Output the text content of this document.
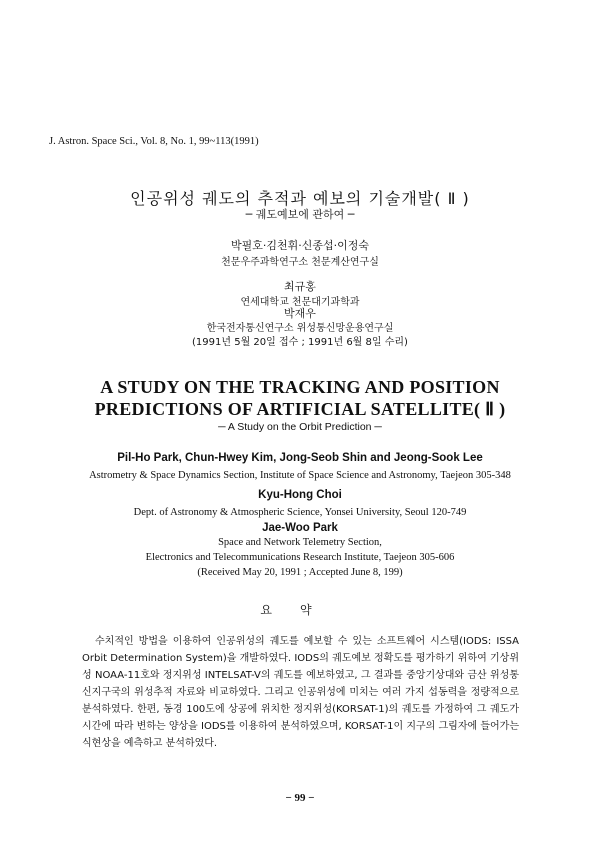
J. Astron. Space Sci., Vol. 8, No. 1, 99~113(1991)
인공위성 궤도의 추적과 예보의 기술개발( Ⅱ )
─ 궤도예보에 관하여 ─
박필호·김천휘·신종섭·이정숙
천문우주과학연구소 천문계산연구실
최규홍
연세대학교 천문대기과학과
박재우
한국전자통신연구소 위성통신망운용연구실
(1991년 5월 20일 접수 ; 1991년 6월 8일 수리)
A STUDY ON THE TRACKING AND POSITION
PREDICTIONS OF ARTIFICIAL SATELLITE( Ⅱ )
─ A Study on the Orbit Prediction ─
Pil-Ho Park, Chun-Hwey Kim, Jong-Seob Shin and Jeong-Sook Lee
Astrometry & Space Dynamics Section, Institute of Space Science and Astronomy, Taejeon 305-348
Kyu-Hong Choi
Dept. of Astronomy & Atmospheric Science, Yonsei University, Seoul 120-749
Jae-Woo Park
Space and Network Telemetry Section,
Electronics and Telecommunications Research Institute, Taejeon 305-606
(Received May 20, 1991 ; Accepted June 8, 199)
요약
수치적인 방법을 이용하여 인공위성의 궤도를 예보할 수 있는 소프트웨어 시스템(IODS: ISSA Orbit Determination System)을 개발하였다. IODS의 궤도예보 정확도를 평가하기 위하여 기상위성 NOAA-11호와 정지위성 INTELSAT-V의 궤도를 예보하였고, 그 결과를 중앙기상대와 금산 위성통신지구국의 위성추적 자료와 비교하였다. 그리고 인공위성에 미치는 여러 가지 섭동력을 정량적으로 분석하였다. 한편, 동경 100도에 상공에 위치한 정지위성(KORSAT-1)의 궤도를 가정하여 그 궤도가 시간에 따라 변하는 양상을 IODS를 이용하여 분석하였으며, KORSAT-1이 지구의 그림자에 들어가는 식현상을 예측하고 분석하였다.
− 99 −
